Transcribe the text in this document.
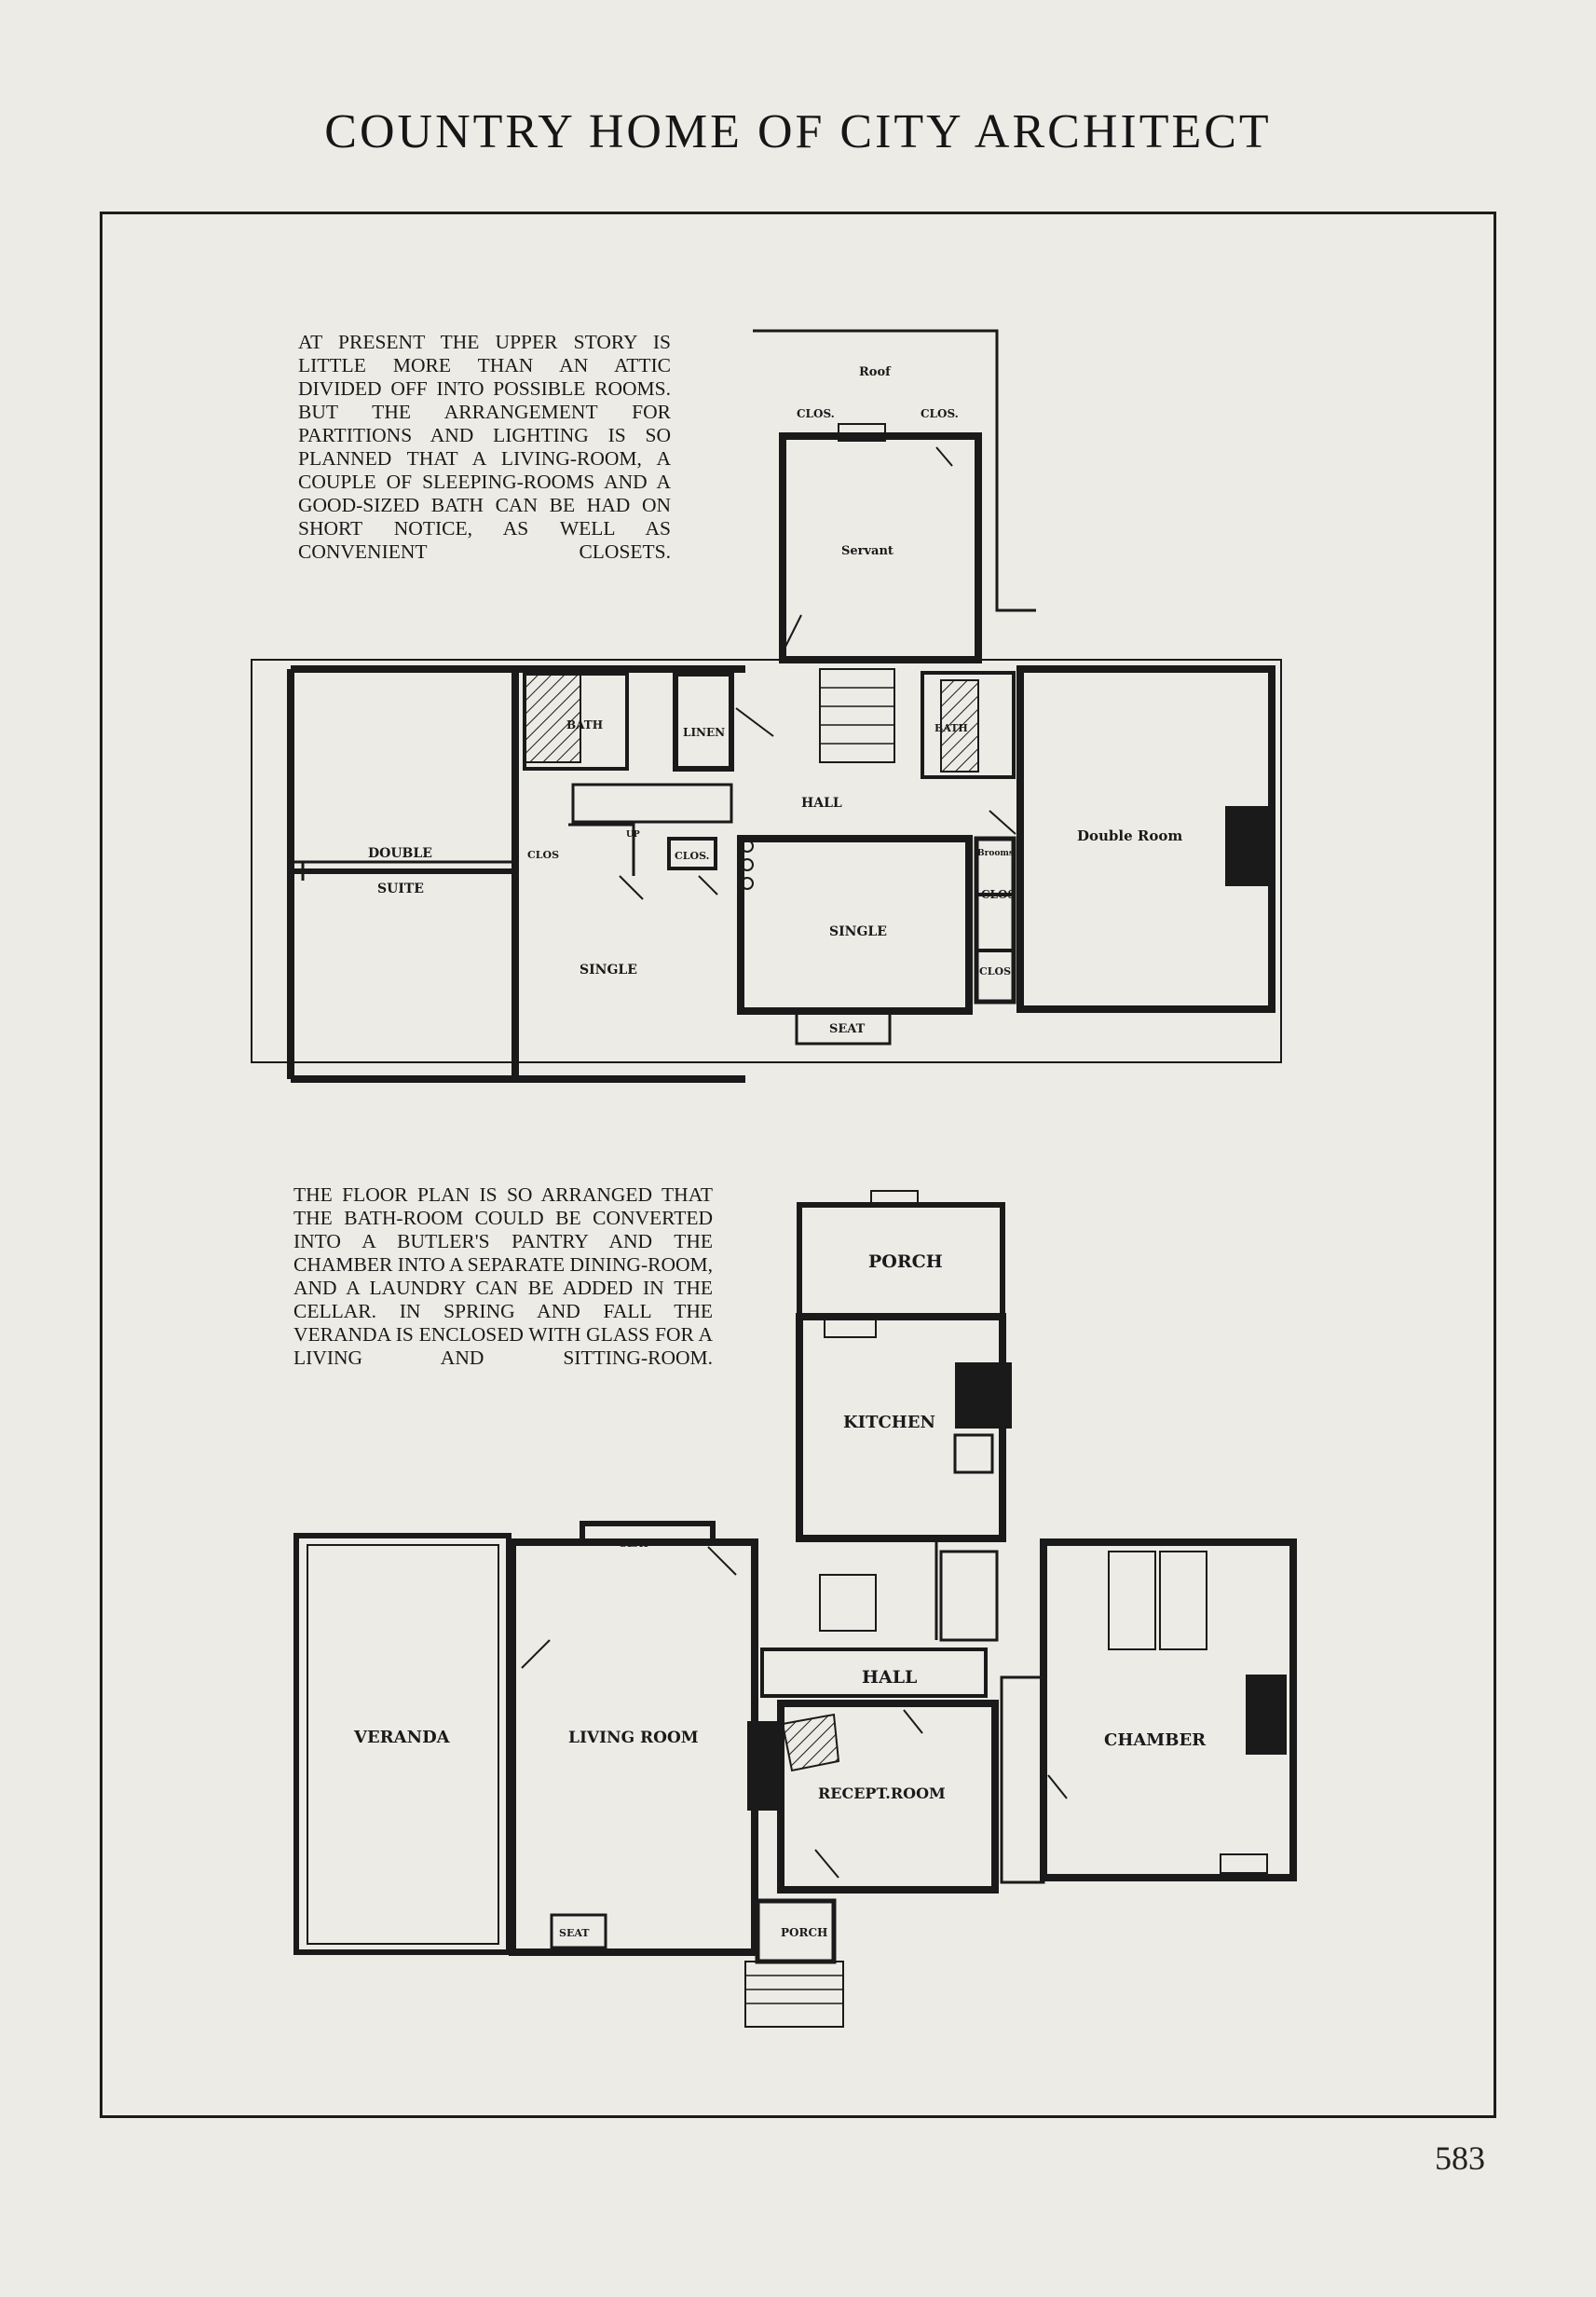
COUNTRY HOME OF CITY ARCHITECT
AT PRESENT THE UPPER STORY IS LITTLE MORE THAN AN ATTIC DIVIDED OFF INTO POSSIBLE ROOMS. BUT THE ARRANGEMENT FOR PARTITIONS AND LIGHTING IS SO PLANNED THAT A LIVING-ROOM, A COUPLE OF SLEEPING-ROOMS AND A GOOD-SIZED BATH CAN BE HAD ON SHORT NOTICE, AS WELL AS CONVENIENT CLOSETS.
THE FLOOR PLAN IS SO ARRANGED THAT THE BATH-ROOM COULD BE CONVERTED INTO A BUTLER'S PANTRY AND THE CHAMBER INTO A SEPARATE DINING-ROOM, AND A LAUNDRY CAN BE ADDED IN THE CELLAR. IN SPRING AND FALL THE VERANDA IS ENCLOSED WITH GLASS FOR A LIVING AND SITTING-ROOM.
Roof
CLOS.	CLOS.
Servant
BATH
LINEN	BATH
HALL
DOUBLE
SUITE
CLOS
UP
CLOS.	Brooms
CLOS
Double Room
SINGLE
CLOS
SINGLE
SEAT
PORCH
KITCHEN
SEAT
HALL
VERANDA	LIVING ROOM
RECEPT.ROOM
CHAMBER
SEAT	PORCH
583
